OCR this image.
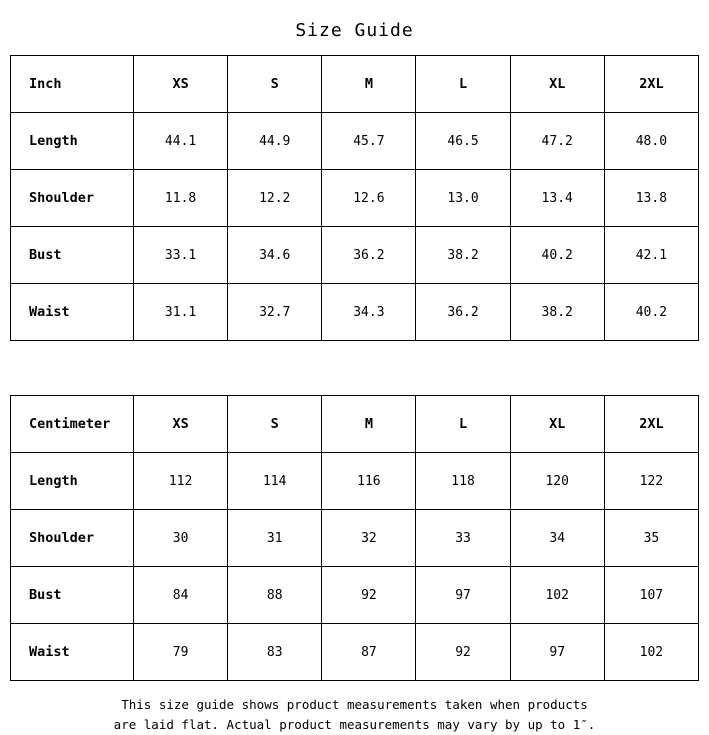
Size Guide
Inch	XS	S	M	L	XL	2XL
Length	44.1	44.9	45.7	46.5	47.2	48.0
Shoulder	11.8	12.2	12.6	13.0	13.4	13.8
Bust	33.1	34.6	36.2	38.2	40.2	42.1
Waist	31.1	32.7	34.3	36.2	38.2	40.2
Centimeter	XS	S	M	L	XL	2XL
Length	112	114	116	118	120	122
Shoulder	30	31	32	33	34	35
Bust	84	88	92	97	102	107
Waist	79	83	87	92	97	102
This size guide shows product measurements taken when products
are laid flat. Actual product measurements may vary by up to 1″.
